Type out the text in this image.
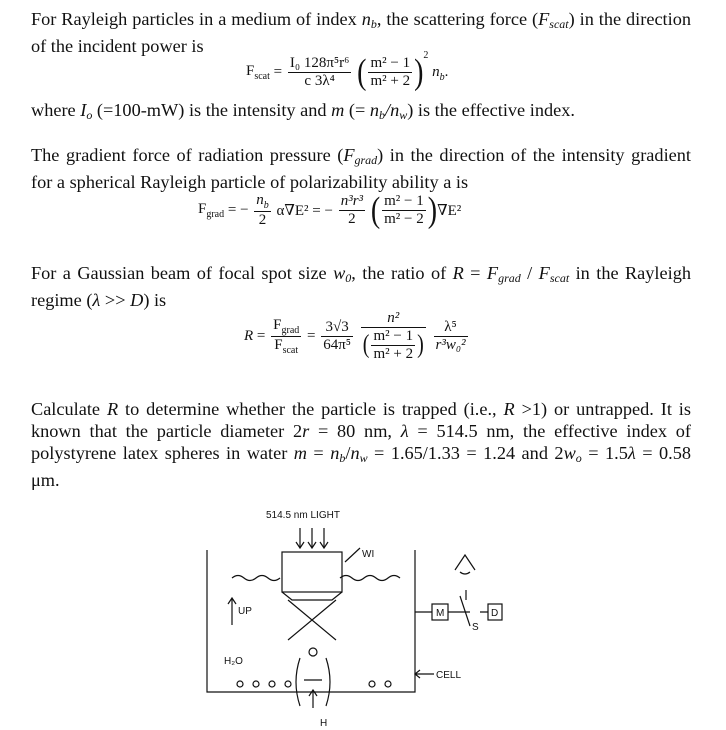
For Rayleigh particles in a medium of index $n_b$, the scattering force $(F_{scat})$ in the direction of the incident power is
$F_{scat} = \frac{\text{I₀ 128π⁵r⁶}}{\text{c 3λ⁴}}$ ( $\frac{\text{m² − 1}}{\text{m² + 2}} )^2$ $n_b$.
where $I_o$ (=100-mW) is the intensity and m (= $n_b/n_w$) is the effective index.
The gradient force of radiation pressure $(F_{grad})$ in the direction of the intensity gradient for a spherical Rayleigh particle of polarizability ability a is
$F_{grad}$ = − $\frac{n_b}{2} \alpha\nabla E^2$ = − $\frac{\text{n³r³}}{2}$ ( $\frac{\text{m² − 1}}{\text{m² − 2}} )\nabla E^2$
For a Gaussian beam of focal spot size $w_0$, the ratio of $R = F_{grad} / F_{scat}$ in the Rayleigh regime (λ >> D) is
$R = \frac{F_{grad}}{F_{scat}} = \frac{3√3}{\text{64π⁵}}$
$\frac{\text{n²}}{( \frac{\text{m² − 1}}{\text{m² + 2}} )}$
$\frac{\text{λ⁵}}{\text{r³w₀²}}$
Calculate R to determine whether the particle is trapped (i.e., R >1) or untrapped. It is known that the particle diameter 2r = 80 nm, λ = 514.5 nm, the effective index of polystyrene latex spheres in water $m = n_b/n_w = 1.65/1.33 = 1.24$ and $2w_o = 1.5\lambda = 0.58$ μm.
514.5 nm LIGHT
WI
UP
H₂O
M
S
D
CELL
H
